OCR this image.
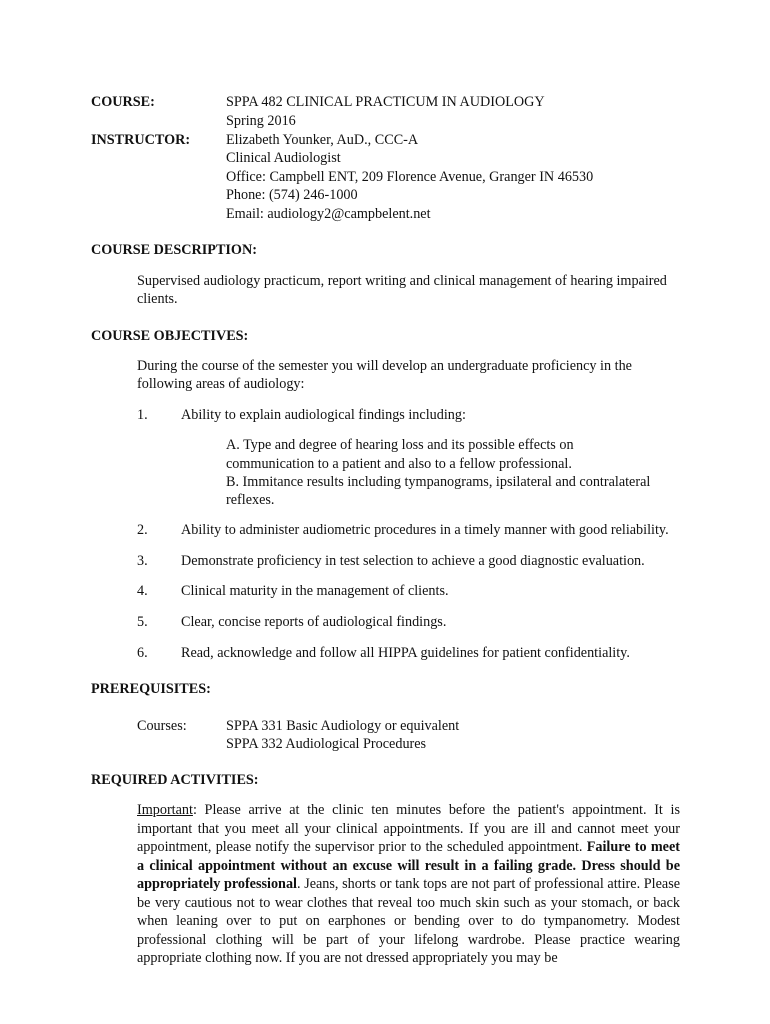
COURSE:	SPPA 482 CLINICAL PRACTICUM IN AUDIOLOGY
Spring 2016
INSTRUCTOR:	Elizabeth Younker, AuD., CCC-A
Clinical Audiologist
Office: Campbell ENT, 209 Florence Avenue, Granger IN 46530
Phone: (574) 246-1000
Email: audiology2@campbelent.net
COURSE DESCRIPTION:
Supervised audiology practicum, report writing and clinical management of hearing impaired
clients.
COURSE OBJECTIVES:
During the course of the semester you will develop an undergraduate proficiency in the
following areas of audiology:
1. Ability to explain audiological findings including:
A. Type and degree of hearing loss and its possible effects on
communication to a patient and also to a fellow professional.
B. Immitance results including tympanograms, ipsilateral and contralateral
reflexes.
2. Ability to administer audiometric procedures in a timely manner with good reliability.
3. Demonstrate proficiency in test selection to achieve a good diagnostic evaluation.
4. Clinical maturity in the management of clients.
5. Clear, concise reports of audiological findings.
6. Read, acknowledge and follow all HIPPA guidelines for patient confidentiality.
PREREQUISITES:
Courses:	SPPA 331 Basic Audiology or equivalent
SPPA 332 Audiological Procedures
REQUIRED ACTIVITIES:
Important: Please arrive at the clinic ten minutes before the patient's appointment. It is important that you meet all your clinical appointments. If you are ill and cannot meet your appointment, please notify the supervisor prior to the scheduled appointment. Failure to meet a clinical appointment without an excuse will result in a failing grade. Dress should be appropriately professional. Jeans, shorts or tank tops are not part of professional attire. Please be very cautious not to wear clothes that reveal too much skin such as your stomach, or back when leaning over to put on earphones or bending over to do tympanometry. Modest professional clothing will be part of your lifelong wardrobe. Please practice wearing appropriate clothing now. If you are not dressed appropriately you may be
